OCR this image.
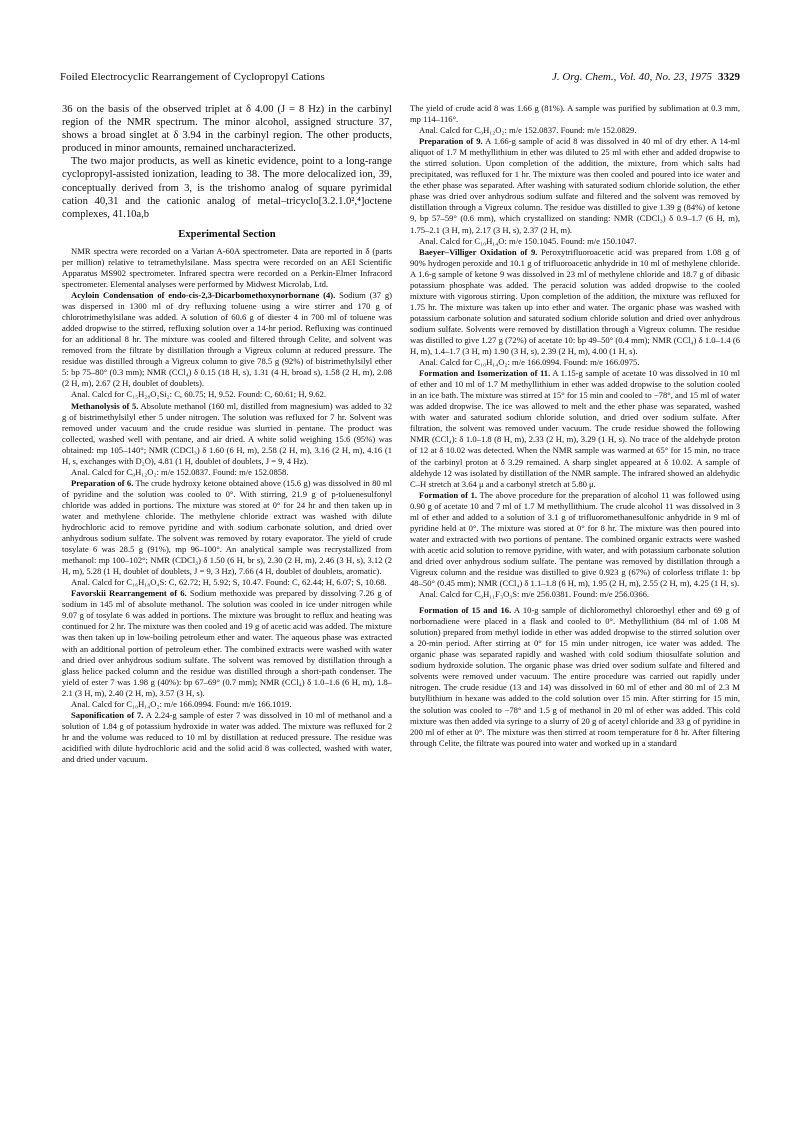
Foiled Electrocyclic Rearrangement of Cyclopropyl Cations	J. Org. Chem., Vol. 40, No. 23, 1975 3329

36 on the basis of the observed triplet at δ 4.00 (J = 8 Hz) in the carbinyl region of the NMR spectrum. The minor alcohol, assigned structure 37, shows a broad singlet at δ 3.94 in the carbinyl region. The other products, produced in minor amounts, remained uncharacterized.

The two major products, as well as kinetic evidence, point to a long-range cyclopropyl-assisted ionization, leading to 38. The more delocalized ion, 39, conceptually derived from 3, is the trishomo analog of square pyrimidal cation 40,31 and the cationic analog of metal–tricyclo[3.2.1.0²,⁴]octene complexes, 41.10a,b

Experimental Section

NMR spectra were recorded on a Varian A-60A spectrometer. Data are reported in δ (parts per million) relative to tetramethylsilane. Mass spectra were recorded on an AEI Scientific Apparatus MS902 spectrometer. Infrared spectra were recorded on a Perkin-Elmer Infracord spectrometer. Elemental analyses were performed by Midwest Microlab, Ltd.

Acyloin Condensation of endo-cis-2,3-Dicarbomethoxynorbornane (4). Sodium (37 g) was dispersed in 1300 ml of dry refluxing toluene using a wire stirrer and 170 g of chlorotrimethylsilane was added. A solution of 60.6 g of diester 4 in 700 ml of toluene was added dropwise to the stirred, refluxing solution over a 14-hr period. Refluxing was continued for an additional 8 hr. The mixture was cooled and filtered through Celite, and solvent was removed from the filtrate by distillation through a Vigreux column at reduced pressure. The residue was distilled through a Vigreux column to give 78.5 g (92%) of bistrimethylsilyl ether 5: bp 75–80° (0.3 mm); NMR (CCl₄) δ 0.15 (18 H, s), 1.31 (4 H, broad s), 1.58 (2 H, m), 2.08 (2 H, m), 2.67 (2 H, doublet of doublets).

Anal. Calcd for C₁₅H₂₈O₂Si₂: C, 60.75; H, 9.52. Found: C, 60.61; H, 9.62.

Methanolysis of 5. Absolute methanol (160 ml, distilled from magnesium) was added to 32 g of bistrimethylsilyl ether 5 under nitrogen. The solution was refluxed for 7 hr. Solvent was removed under vacuum and the crude residue was slurried in pentane. The product was collected, washed well with pentane, and air dried. A white solid weighing 15.6 (95%) was obtained: mp 105–140°; NMR (CDCl₃) δ 1.60 (6 H, m), 2.58 (2 H, m), 3.16 (2 H, m), 4.16 (1 H, s, exchanges with D₂O), 4.81 (1 H, doublet of doublets, J = 9, 4 Hz).

Anal. Calcd for C₉H₁₂O₂: m/e 152.0837. Found: m/e 152.0858.

Preparation of 6. The crude hydroxy ketone obtained above (15.6 g) was dissolved in 80 ml of pyridine and the solution was cooled to 0°. With stirring, 21.9 g of p-toluenesulfonyl chloride was added in portions. The mixture was stored at 0° for 24 hr and then taken up in water and methylene chloride. The methylene chloride extract was washed with dilute hydrochloric acid to remove pyridine and with sodium carbonate solution, and dried over anhydrous sodium sulfate. The solvent was removed by rotary evaporator. The yield of crude tosylate 6 was 28.5 g (91%), mp 96–100°. An analytical sample was recrystallized from methanol: mp 100–102°; NMR (CDCl₃) δ 1.50 (6 H, br s), 2.30 (2 H, m), 2.46 (3 H, s), 3.12 (2 H, m), 5.28 (1 H, doublet of doublets, J = 9, 3 Hz), 7.66 (4 H, doublet of doublets, aromatic).

Anal. Calcd for C₁₆H₁₈O₄S: C, 62.72; H, 5.92; S, 10.47. Found: C, 62.44; H, 6.07; S, 10.68.

Favorskii Rearrangement of 6. Sodium methoxide was prepared by dissolving 7.26 g of sodium in 145 ml of absolute methanol. The solution was cooled in ice under nitrogen while 9.07 g of tosylate 6 was added in portions. The mixture was brought to reflux and heating was continued for 2 hr. The mixture was then cooled and 19 g of acetic acid was added. The mixture was then taken up in low-boiling petroleum ether and water. The aqueous phase was extracted with an additional portion of petroleum ether. The combined extracts were washed with water and dried over anhydrous sodium sulfate. The solvent was removed by distillation through a glass helice packed column and the residue was distilled through a short-path condenser. The yield of ester 7 was 1.98 g (40%): bp 67–69° (0.7 mm); NMR (CCl₄) δ 1.0–1.6 (6 H, m), 1.8–2.1 (3 H, m), 2.40 (2 H, m), 3.57 (3 H, s).

Anal. Calcd for C₁₀H₁₄O₂: m/e 166.0994. Found: m/e 166.1019.

Saponification of 7. A 2.24-g sample of ester 7 was dissolved in 10 ml of methanol and a solution of 1.84 g of potassium hydroxide in water was added. The mixture was refluxed for 2 hr and the volume was reduced to 10 ml by distillation at reduced pressure. The residue was acidified with dilute hydrochloric acid and the solid acid 8 was collected, washed with water, and dried under vacuum.

The yield of crude acid 8 was 1.66 g (81%). A sample was purified by sublimation at 0.3 mm, mp 114–116°.

Anal. Calcd for C₉H₁₂O₂: m/e 152.0837. Found: m/e 152.0829.

Preparation of 9. A 1.66-g sample of acid 8 was dissolved in 40 ml of dry ether. A 14-ml aliquot of 1.7 M methyllithium in ether was diluted to 25 ml with ether and added dropwise to the stirred solution. Upon completion of the addition, the mixture, from which salts had precipitated, was refluxed for 1 hr. The mixture was then cooled and poured into ice water and the ether phase was separated. After washing with saturated sodium chloride solution, the ether phase was dried over anhydrous sodium sulfate and filtered and the solvent was removed by distillation through a Vigreux column. The residue was distilled to give 1.39 g (84%) of ketone 9, bp 57–59° (0.6 mm), which crystallized on standing: NMR (CDCl₃) δ 0.9–1.7 (6 H, m), 1.75–2.1 (3 H, m), 2.17 (3 H, s), 2.37 (2 H, m).

Anal. Calcd for C₁₀H₁₄O: m/e 150.1045. Found: m/e 150.1047.

Baeyer–Villiger Oxidation of 9. Peroxytrifluoroacetic acid was prepared from 1.08 g of 90% hydrogen peroxide and 10.1 g of trifluoroacetic anhydride in 10 ml of methylene chloride. A 1.6-g sample of ketone 9 was dissolved in 23 ml of methylene chloride and 18.7 g of dibasic potassium phosphate was added. The peracid solution was added dropwise to the cooled mixture with vigorous stirring. Upon completion of the addition, the mixture was refluxed for 1.75 hr. The mixture was taken up into ether and water. The organic phase was washed with potassium carbonate solution and saturated sodium chloride solution and dried over anhydrous sodium sulfate. Solvents were removed by distillation through a Vigreux column. The residue was distilled to give 1.27 g (72%) of acetate 10: bp 49–50° (0.4 mm); NMR (CCl₄) δ 1.0–1.4 (6 H, m), 1.4–1.7 (3 H, m) 1.90 (3 H, s), 2.39 (2 H, m), 4.00 (1 H, s).

Anal. Calcd for C₁₀H₁₄O₂: m/e 166.0994. Found: m/e 166.0975.

Formation and Isomerization of 11. A 1.15-g sample of acetate 10 was dissolved in 10 ml of ether and 10 ml of 1.7 M methyllithium in ether was added dropwise to the solution cooled in an ice bath. The mixture was stirred at 15° for 15 min and cooled to −78°, and 15 ml of water was added dropwise. The ice was allowed to melt and the ether phase was separated, washed with water and saturated sodium chloride solution, and dried over sodium sulfate. After filtration, the solvent was removed under vacuum. The crude residue showed the following NMR (CCl₄): δ 1.0–1.8 (8 H, m), 2.33 (2 H, m), 3.29 (1 H, s). No trace of the aldehyde proton of 12 at δ 10.02 was detected. When the NMR sample was warmed at 65° for 15 min, no trace of the carbinyl proton at δ 3.29 remained. A sharp singlet appeared at δ 10.02. A sample of aldehyde 12 was isolated by distillation of the NMR sample. The infrared showed an aldehydic C–H stretch at 3.64 μ and a carbonyl stretch at 5.80 μ.

Formation of 1. The above procedure for the preparation of alcohol 11 was followed using 0.90 g of acetate 10 and 7 ml of 1.7 M methyllithium. The crude alcohol 11 was dissolved in 3 ml of ether and added to a solution of 3.1 g of trifluoromethanesulfonic anhydride in 9 ml of pyridine held at 0°. The mixture was stored at 0° for 8 hr. The mixture was then poured into water and extracted with two portions of pentane. The combined organic extracts were washed with acetic acid solution to remove pyridine, with water, and with potassium carbonate solution and dried over anhydrous sodium sulfate. The pentane was removed by distillation through a Vigreux column and the residue was distilled to give 0.923 g (67%) of colorless triflate 1: bp 48–50° (0.45 mm); NMR (CCl₄) δ 1.1–1.8 (6 H, m), 1.95 (2 H, m), 2.55 (2 H, m), 4.25 (1 H, s).

Anal. Calcd for C₉H₁₁F₃O₃S: m/e 256.0381. Found: m/e 256.0366.

Formation of 15 and 16. A 10-g sample of dichloromethyl chloroethyl ether and 69 g of norbornadiene were placed in a flask and cooled to 0°. Methyllithium (84 ml of 1.08 M solution) prepared from methyl iodide in ether was added dropwise to the stirred solution over a 20-min period. After stirring at 0° for 15 min under nitrogen, ice water was added. The organic phase was separated rapidly and washed with cold sodium thiosulfate solution and sodium hydroxide solution. The organic phase was dried over sodium sulfate and filtered and solvents were removed under vacuum. The entire procedure was carried out rapidly under nitrogen. The crude residue (13 and 14) was dissolved in 60 ml of ether and 80 ml of 2.3 M butyllithium in hexane was added to the cold solution over 15 min. After stirring for 15 min, the solution was cooled to −78° and 1.5 g of methanol in 20 ml of ether was added. This cold mixture was then added via syringe to a slurry of 20 g of acetyl chloride and 33 g of pyridine in 200 ml of ether at 0°. The mixture was then stirred at room temperature for 8 hr. After filtering through Celite, the filtrate was poured into water and worked up in a standard
